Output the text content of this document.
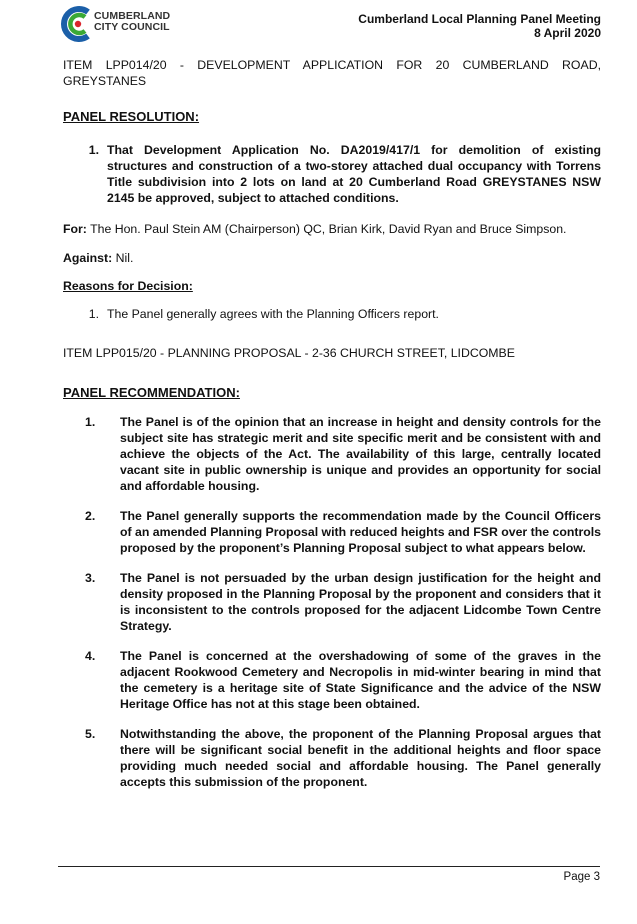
CUMBERLAND
CITY COUNCIL
Cumberland Local Planning Panel Meeting
8 April 2020

ITEM LPP014/20 - DEVELOPMENT APPLICATION FOR 20 CUMBERLAND ROAD, GREYSTANES

PANEL RESOLUTION:

1. That Development Application No. DA2019/417/1 for demolition of existing structures and construction of a two-storey attached dual occupancy with Torrens Title subdivision into 2 lots on land at 20 Cumberland Road GREYSTANES NSW 2145 be approved, subject to attached conditions.

For: The Hon. Paul Stein AM (Chairperson) QC, Brian Kirk, David Ryan and Bruce Simpson.

Against: Nil.

Reasons for Decision:

1. The Panel generally agrees with the Planning Officers report.

ITEM LPP015/20 - PLANNING PROPOSAL - 2-36 CHURCH STREET, LIDCOMBE

PANEL RECOMMENDATION:

1.	The Panel is of the opinion that an increase in height and density controls for the subject site has strategic merit and site specific merit and be consistent with and achieve the objects of the Act. The availability of this large, centrally located vacant site in public ownership is unique and provides an opportunity for social and affordable housing.
2.	The Panel generally supports the recommendation made by the Council Officers of an amended Planning Proposal with reduced heights and FSR over the controls proposed by the proponent’s Planning Proposal subject to what appears below.
3.	The Panel is not persuaded by the urban design justification for the height and density proposed in the Planning Proposal by the proponent and considers that it is inconsistent to the controls proposed for the adjacent Lidcombe Town Centre Strategy.
4.	The Panel is concerned at the overshadowing of some of the graves in the adjacent Rookwood Cemetery and Necropolis in mid-winter bearing in mind that the cemetery is a heritage site of State Significance and the advice of the NSW Heritage Office has not at this stage been obtained.
5.	Notwithstanding the above, the proponent of the Planning Proposal argues that there will be significant social benefit in the additional heights and floor space providing much needed social and affordable housing. The Panel generally accepts this submission of the proponent.
Page 3
